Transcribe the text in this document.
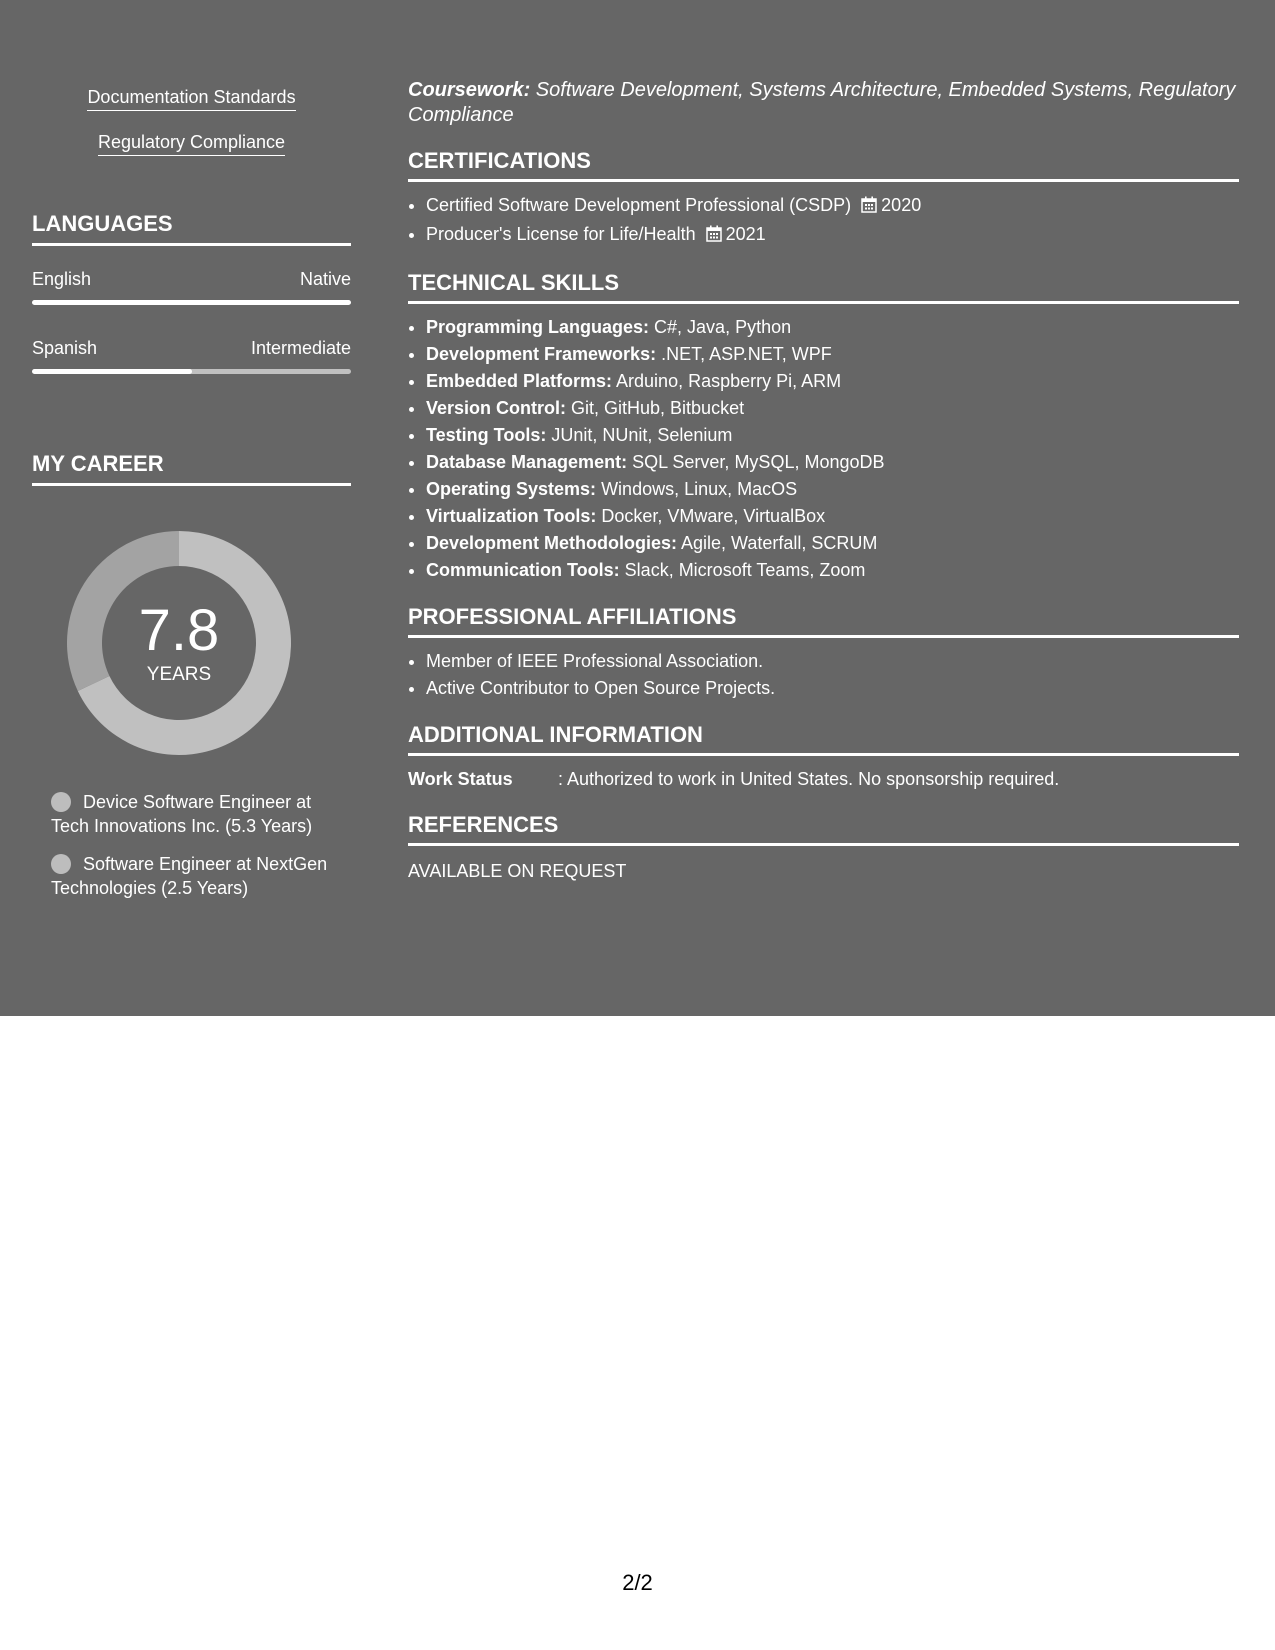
Documentation Standards
Regulatory Compliance
LANGUAGES
English	Native
Spanish	Intermediate
MY CAREER
7.8
YEARS
Device Software Engineer at Tech Innovations Inc. (5.3 Years)
Software Engineer at NextGen Technologies (2.5 Years)

Coursework: Software Development, Systems Architecture, Embedded Systems, Regulatory Compliance

CERTIFICATIONS
• Certified Software Development Professional (CSDP) 2020
• Producer's License for Life/Health 2021
TECHNICAL SKILLS
• Programming Languages: C#, Java, Python
• Development Frameworks: .NET, ASP.NET, WPF
• Embedded Platforms: Arduino, Raspberry Pi, ARM
• Version Control: Git, GitHub, Bitbucket
• Testing Tools: JUnit, NUnit, Selenium
• Database Management: SQL Server, MySQL, MongoDB
• Operating Systems: Windows, Linux, MacOS
• Virtualization Tools: Docker, VMware, VirtualBox
• Development Methodologies: Agile, Waterfall, SCRUM
• Communication Tools: Slack, Microsoft Teams, Zoom
PROFESSIONAL AFFILIATIONS
• Member of IEEE Professional Association.
• Active Contributor to Open Source Projects.
ADDITIONAL INFORMATION
Work Status	: Authorized to work in United States. No sponsorship required.
REFERENCES
AVAILABLE ON REQUEST
2/2
